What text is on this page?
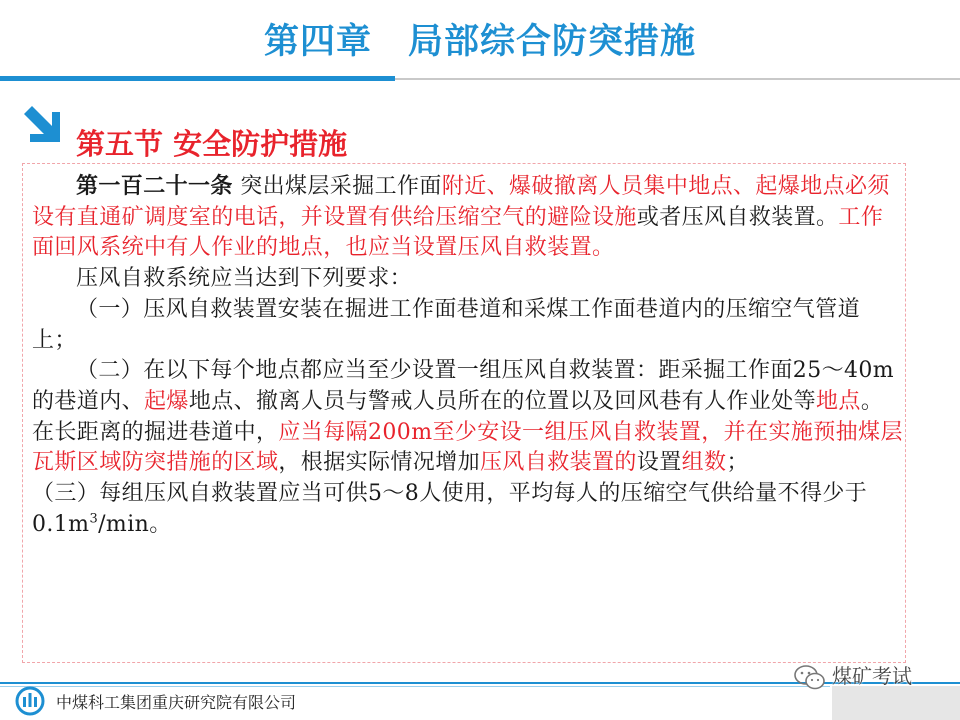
第四章　局部综合防突措施
第五节 安全防护措施

第一百二十一条 突出煤层采掘工作面附近、爆破撤离人员集中地点、起爆地点必须设有直通矿调度室的电话，并设置有供给压缩空气的避险设施或者压风自救装置。工作面回风系统中有人作业的地点，也应当设置压风自救装置。

压风自救系统应当达到下列要求：

（一）压风自救装置安装在掘进工作面巷道和采煤工作面巷道内的压缩空气管道上；

（二）在以下每个地点都应当至少设置一组压风自救装置：距采掘工作面25～40m的巷道内、起爆地点、撤离人员与警戒人员所在的位置以及回风巷有人作业处等地点。在长距离的掘进巷道中，应当每隔200m至少安设一组压风自救装置，并在实施预抽煤层瓦斯区域防突措施的区域，根据实际情况增加压风自救装置的设置组数；

（三）每组压风自救装置应当可供5～8人使用，平均每人的压缩空气供给量不得少于$0.1m^3/\min$。

中煤科工集团重庆研究院有限公司
煤矿考试
